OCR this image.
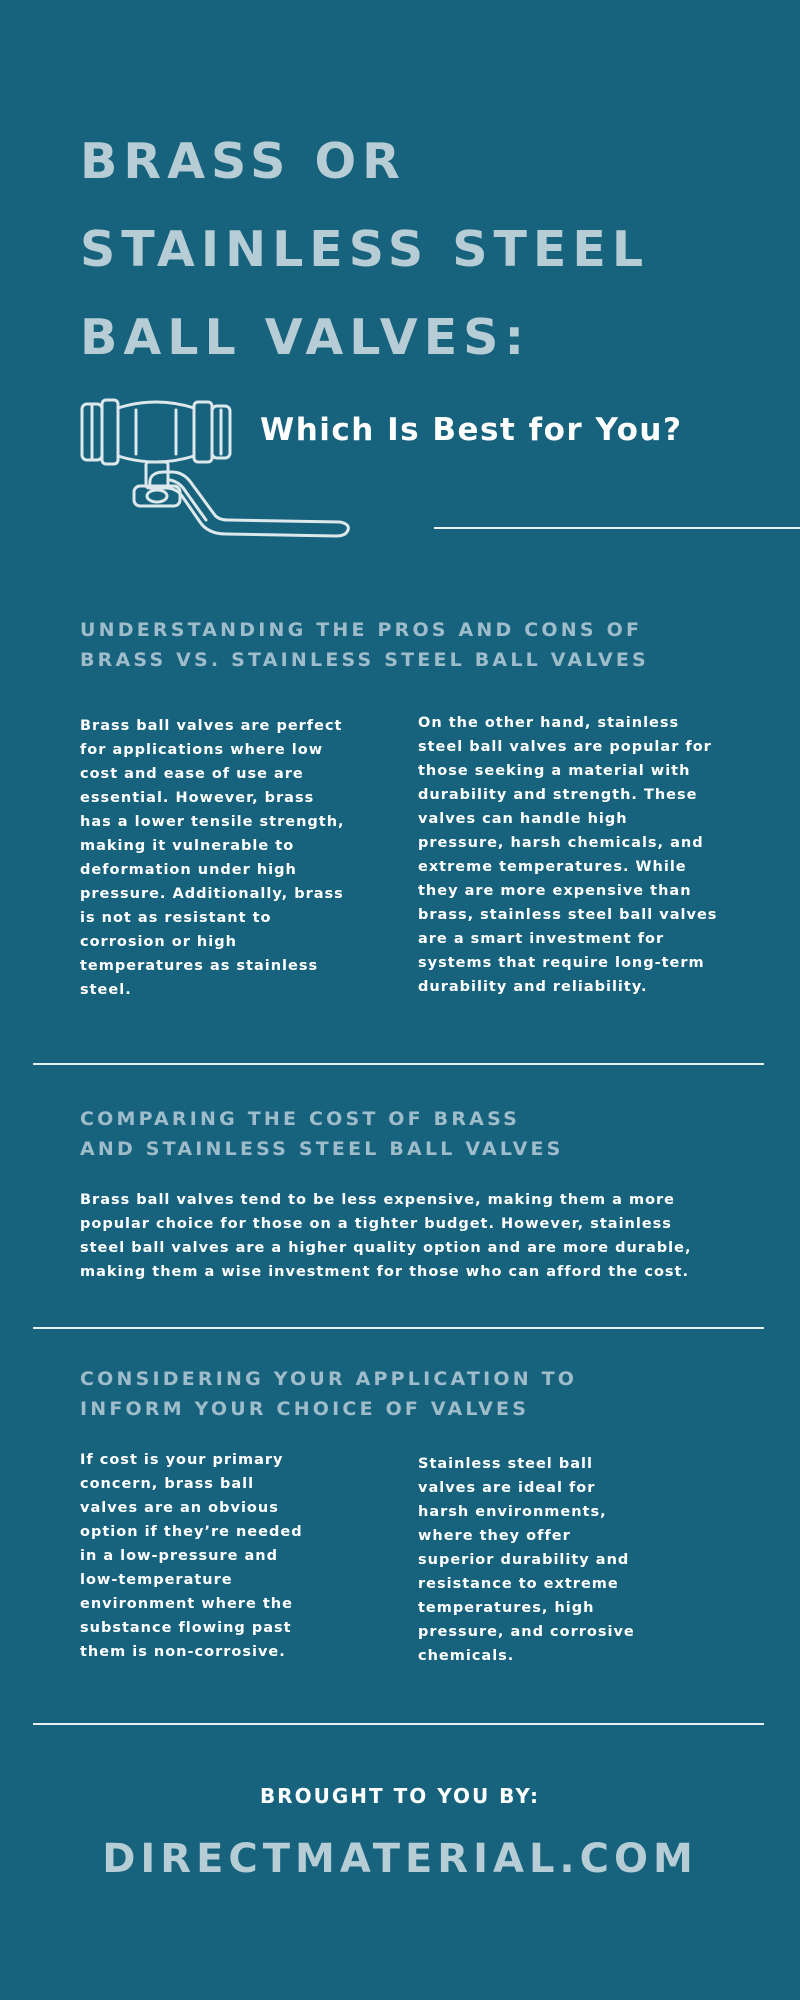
BRASS OR
STAINLESS STEEL
BALL VALVES:
Which Is Best for You?
UNDERSTANDING THE PROS AND CONS OF
BRASS VS. STAINLESS STEEL BALL VALVES

Brass ball valves are perfect for applications where low cost and ease of use are essential. However, brass has a lower tensile strength, making it vulnerable to deformation under high pressure. Additionally, brass is not as resistant to corrosion or high temperatures as stainless steel.

On the other hand, stainless steel ball valves are popular for those seeking a material with durability and strength. These valves can handle high pressure, harsh chemicals, and extreme temperatures. While they are more expensive than brass, stainless steel ball valves are a smart investment for systems that require long-term durability and reliability.

COMPARING THE COST OF BRASS
AND STAINLESS STEEL BALL VALVES

Brass ball valves tend to be less expensive, making them a more popular choice for those on a tighter budget. However, stainless steel ball valves are a higher quality option and are more durable, making them a wise investment for those who can afford the cost.

CONSIDERING YOUR APPLICATION TO
INFORM YOUR CHOICE OF VALVES

If cost is your primary concern, brass ball valves are an obvious option if they’re needed in a low-pressure and low-temperature environment where the substance flowing past them is non-corrosive.

Stainless steel ball valves are ideal for harsh environments, where they offer superior durability and resistance to extreme temperatures, high pressure, and corrosive chemicals.

BROUGHT TO YOU BY:
DIRECTMATERIAL.COM
